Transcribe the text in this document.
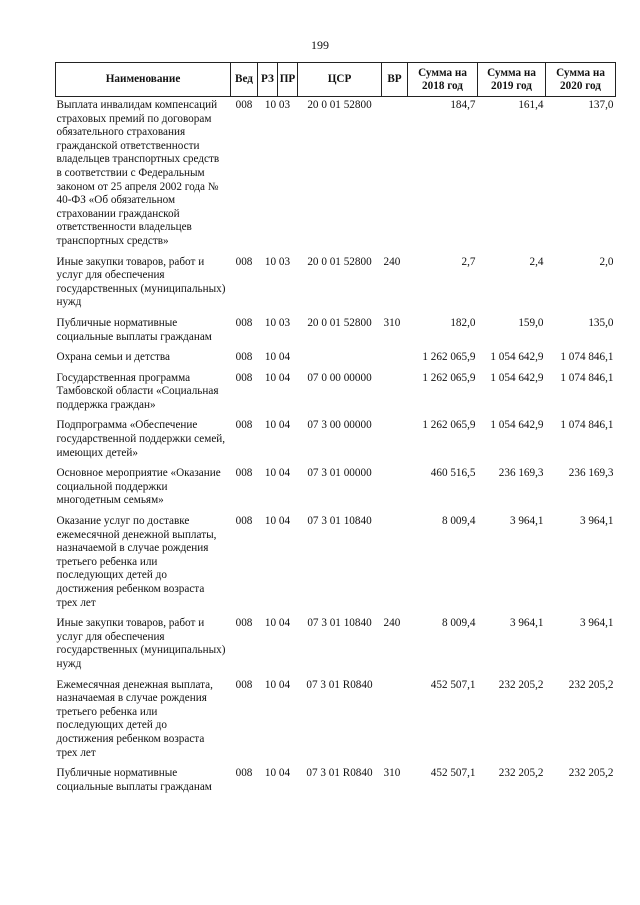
199
Наименование	Вед	РЗ	ПР	ЦСР	ВР	Сумма на 2018 год	Сумма на 2019 год	Сумма на 2020 год
Выплата инвалидам компенсаций страховых премий по договорам обязательного страхования гражданской ответственности владельцев транспортных средств в соответствии с Федеральным законом от 25 апреля 2002 года № 40-ФЗ «Об обязательном страховании гражданской ответственности владельцев транспортных средств»	008	10 03		20 0 01 52800		184,7	161,4	137,0
Иные закупки товаров, работ и услуг для обеспечения государственных (муниципальных) нужд	008	10 03		20 0 01 52800	240	2,7	2,4	2,0
Публичные нормативные социальные выплаты гражданам	008	10 03		20 0 01 52800	310	182,0	159,0	135,0
Охрана семьи и детства	008	10 04				1 262 065,9	1 054 642,9	1 074 846,1
Государственная программа Тамбовской области «Социальная поддержка граждан»	008	10 04		07 0 00 00000		1 262 065,9	1 054 642,9	1 074 846,1
Подпрограмма «Обеспечение государственной поддержки семей, имеющих детей»	008	10 04		07 3 00 00000		1 262 065,9	1 054 642,9	1 074 846,1
Основное мероприятие «Оказание социальной поддержки многодетным семьям»	008	10 04		07 3 01 00000		460 516,5	236 169,3	236 169,3
Оказание услуг по доставке ежемесячной денежной выплаты, назначаемой в случае рождения третьего ребенка или последующих детей до достижения ребенком возраста трех лет	008	10 04		07 3 01 10840		8 009,4	3 964,1	3 964,1
Иные закупки товаров, работ и услуг для обеспечения государственных (муниципальных) нужд	008	10 04		07 3 01 10840	240	8 009,4	3 964,1	3 964,1
Ежемесячная денежная выплата, назначаемая в случае рождения третьего ребенка или последующих детей до достижения ребенком возраста трех лет	008	10 04		07 3 01 R0840		452 507,1	232 205,2	232 205,2
Публичные нормативные социальные выплаты гражданам	008	10 04		07 3 01 R0840	310	452 507,1	232 205,2	232 205,2
